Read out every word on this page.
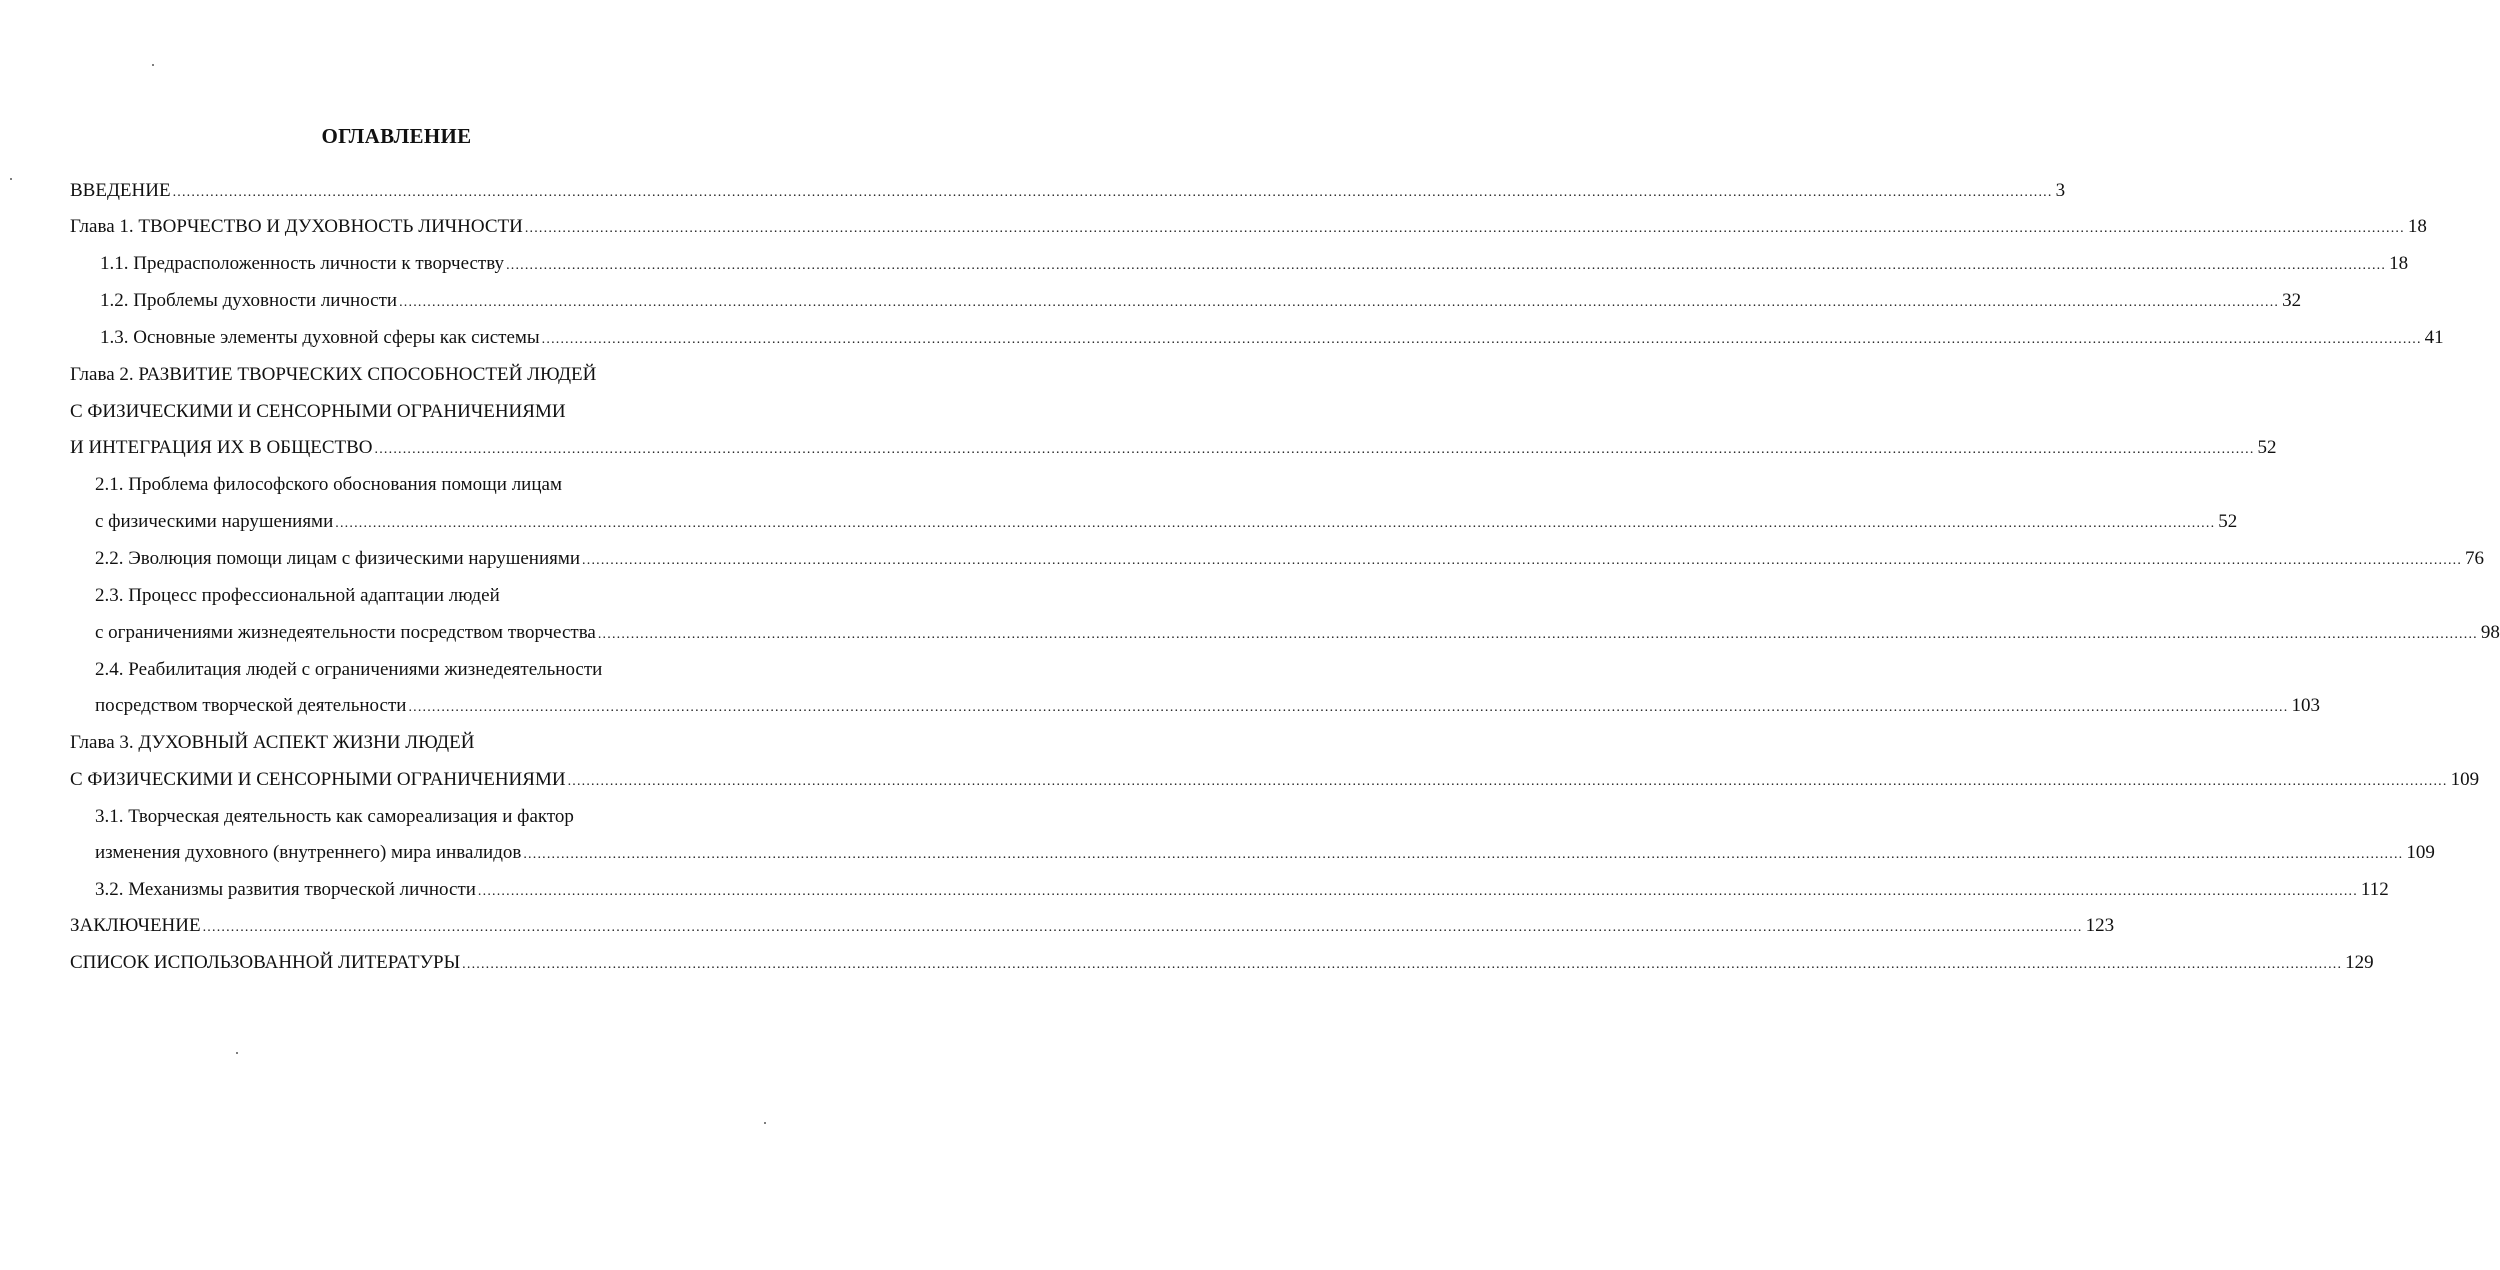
ОГЛАВЛЕНИЕ
ВВЕДЕНИЕ ................................................................................................................................................................................................................................................................................................................................................................................................................ 3
Глава 1. ТВОРЧЕСТВО И ДУХОВНОСТЬ ЛИЧНОСТИ ................................................................................................................................................................................................................................................................................................................................................................................................................ 18
1.1. Предрасположенность личности к творчеству ................................................................................................................................................................................................................................................................................................................................................................................................................ 18
1.2. Проблемы духовности личности ................................................................................................................................................................................................................................................................................................................................................................................................................ 32
1.3. Основные элементы духовной сферы как системы ................................................................................................................................................................................................................................................................................................................................................................................................................ 41
Глава 2. РАЗВИТИЕ ТВОРЧЕСКИХ СПОСОБНОСТЕЙ ЛЮДЕЙ
С ФИЗИЧЕСКИМИ И СЕНСОРНЫМИ ОГРАНИЧЕНИЯМИ
И ИНТЕГРАЦИЯ ИХ В ОБЩЕСТВО ................................................................................................................................................................................................................................................................................................................................................................................................................ 52
2.1. Проблема философского обоснования помощи лицам
с физическими нарушениями ................................................................................................................................................................................................................................................................................................................................................................................................................ 52
2.2. Эволюция помощи лицам с физическими нарушениями ................................................................................................................................................................................................................................................................................................................................................................................................................ 76
2.3. Процесс профессиональной адаптации людей
с ограничениями жизнедеятельности посредством творчества ................................................................................................................................................................................................................................................................................................................................................................................................................ 98
2.4. Реабилитация людей с ограничениями жизнедеятельности
посредством творческой деятельности ................................................................................................................................................................................................................................................................................................................................................................................................................ 103
Глава 3. ДУХОВНЫЙ АСПЕКТ ЖИЗНИ ЛЮДЕЙ
С ФИЗИЧЕСКИМИ И СЕНСОРНЫМИ ОГРАНИЧЕНИЯМИ ................................................................................................................................................................................................................................................................................................................................................................................................................ 109
3.1. Творческая деятельность как самореализация и фактор
изменения духовного (внутреннего) мира инвалидов ................................................................................................................................................................................................................................................................................................................................................................................................................ 109
3.2. Механизмы развития творческой личности ................................................................................................................................................................................................................................................................................................................................................................................................................ 112
ЗАКЛЮЧЕНИЕ ................................................................................................................................................................................................................................................................................................................................................................................................................ 123
СПИСОК ИСПОЛЬЗОВАННОЙ ЛИТЕРАТУРЫ ................................................................................................................................................................................................................................................................................................................................................................................................................ 129
